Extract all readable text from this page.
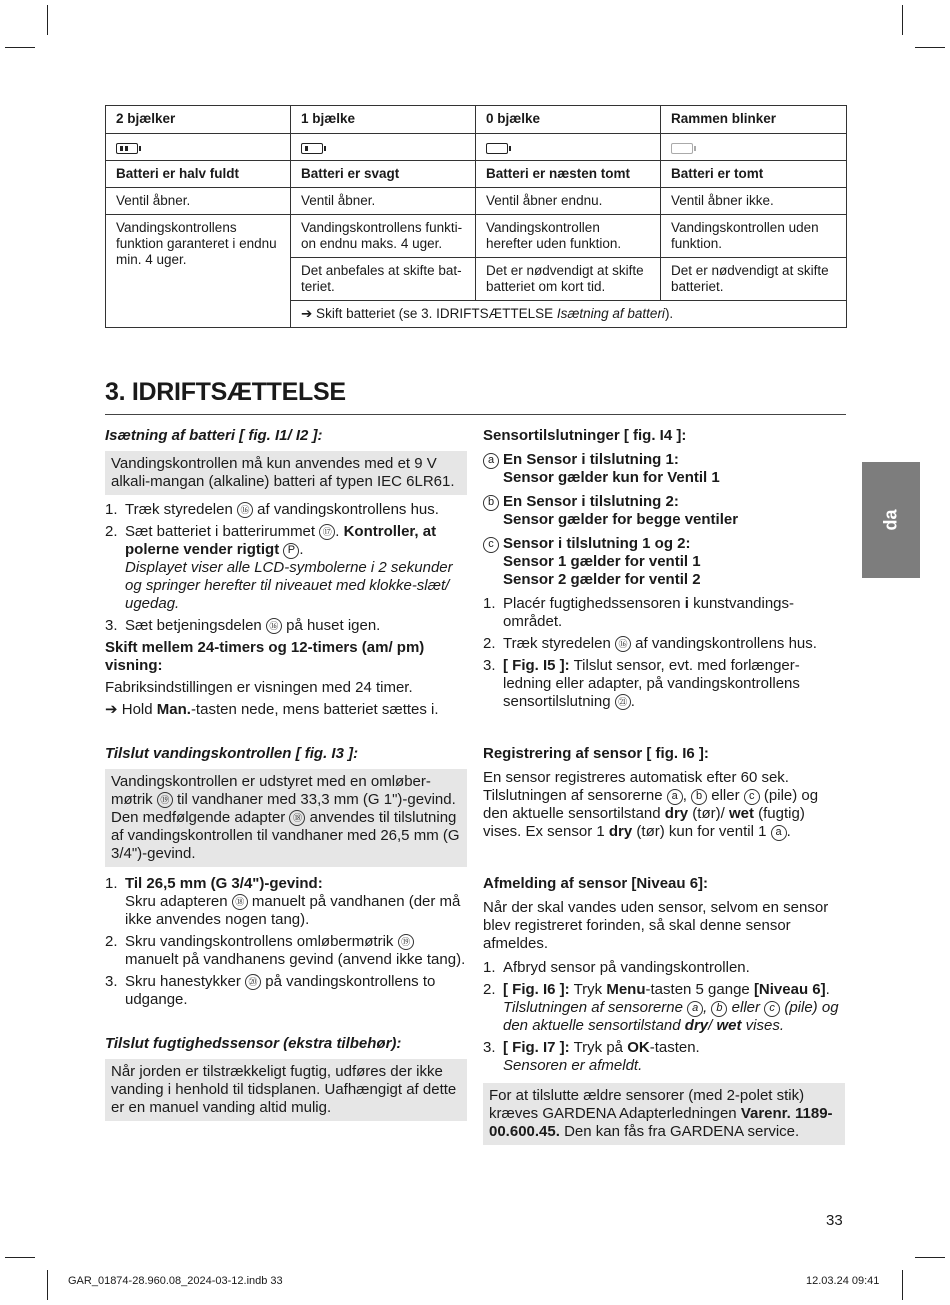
2 bjælker	1 bjælke	0 bjælke	Rammen blinker

Batteri er halv fuldt	Batteri er svagt	Batteri er næsten tomt	Batteri er tomt
Ventil åbner.	Ventil åbner.	Ventil åbner endnu.	Ventil åbner ikke.
Vandingskontrollens funktion garanteret i endnu min. 4 uger.	Vandingskontrollens funkti-on endnu maks. 4 uger.	Vandingskontrollen herefter uden funktion.	Vandingskontrollen uden funktion.
	Det anbefales at skifte bat-teriet.	Det er nødvendigt at skifte batteriet om kort tid.	Det er nødvendigt at skifte batteriet.
	➔ Skift batteriet (se 3. IDRIFTSÆTTELSE Isætning af batteri).		
3. IDRIFTSÆTTELSE

Isætning af batteri [ fig. I1/ I2 ]:

Vandingskontrollen må kun anvendes med et 9 V alkali-mangan (alkaline) batteri af typen IEC 6LR61.

1. Træk styredelen ⑯ af vandingskontrollens hus.
2. Sæt batteriet i batterirummet ⑰ . Kontroller, at polerne vender rigtigt P .
Displayet viser alle LCD-symbolerne i 2 sekunder og springer herefter til niveauet med klokke-slæt/ ugedag.
3. Sæt betjeningsdelen ⑯ på huset igen.

Skift mellem 24-timers og 12-timers (am/ pm) visning:

Fabriksindstillingen er visningen med 24 timer.

➔ Hold Man.-tasten nede, mens batteriet sættes i.

Tilslut vandingskontrollen [ fig. I3 ]:

Vandingskontrollen er udstyret med en omløber-møtrik ⑲ til vandhaner med 33,3 mm (G 1")-gevind. Den medfølgende adapter ⑱ anvendes til tilslutning af vandingskontrollen til vandhaner med 26,5 mm (G 3/4")-gevind.

1. Til 26,5 mm (G 3/4")-gevind:
Skru adapteren ⑱ manuelt på vandhanen (der må ikke anvendes nogen tang).
2. Skru vandingskontrollens omløbermøtrik ⑲ manuelt på vandhanens gevind (anvend ikke tang).
3. Skru hanestykker ⑳ på vandingskontrollens to udgange.

Tilslut fugtighedssensor (ekstra tilbehør):

Når jorden er tilstrækkeligt fugtig, udføres der ikke vanding i henhold til tidsplanen. Uafhængigt af dette er en manuel vanding altid mulig.

Sensortilslutninger [ fig. I4 ]:

a En Sensor i tilslutning 1:
Sensor gælder kun for Ventil 1
b En Sensor i tilslutning 2:
Sensor gælder for begge ventiler
c Sensor i tilslutning 1 og 2:
Sensor 1 gælder for ventil 1
Sensor 2 gælder for ventil 2
1. Placér fugtighedssensoren i kunstvandings-området.
2. Træk styredelen ⑯ af vandingskontrollens hus.
3. [ Fig. I5 ]: Tilslut sensor, evt. med forlænger-ledning eller adapter, på vandingskontrollens sensortilslutning ㉑ .

Registrering af sensor [ fig. I6 ]:

En sensor registreres automatisk efter 60 sek. Tilslutningen af sensorerne a , b eller c (pile) og den aktuelle sensortilstand dry (tør)/ wet (fugtig) vises. Ex sensor 1 dry (tør) kun for ventil 1 a .

Afmelding af sensor [Niveau 6]:

Når der skal vandes uden sensor, selvom en sensor blev registreret forinden, så skal denne sensor afmeldes.

1. Afbryd sensor på vandingskontrollen.
2. [ Fig. I6 ]: Tryk Menu-tasten 5 gange [Niveau 6].
Tilslutningen af sensorerne a , b eller c (pile) og den aktuelle sensortilstand dry/ wet vises.
3. [ Fig. I7 ]: Tryk på OK-tasten.
Sensoren er afmeldt.

For at tilslutte ældre sensorer (med 2-polet stik) kræves GARDENA Adapterledningen Varenr. 1189-00.600.45. Den kan fås fra GARDENA service.

da
33
GAR_01874-28.960.08_2024-03-12.indb 33	12.03.24 09:41
